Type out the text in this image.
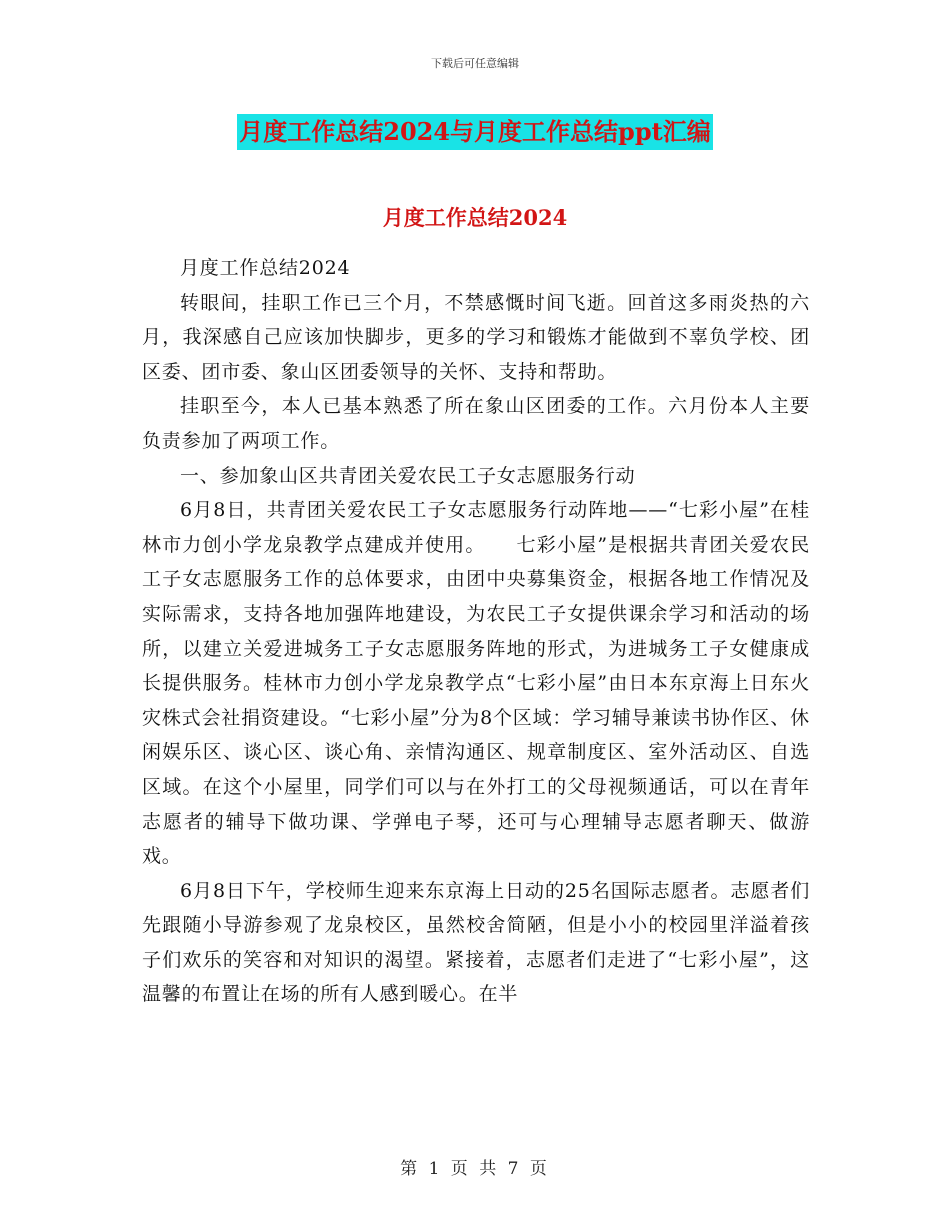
下载后可任意编辑
月度工作总结2024与月度工作总结ppt汇编
月度工作总结2024

月度工作总结2024

转眼间，挂职工作已三个月，不禁感慨时间飞逝。回首这多雨炎热的六月，我深感自己应该加快脚步，更多的学习和锻炼才能做到不辜负学校、团区委、团市委、象山区团委领导的关怀、支持和帮助。

挂职至今，本人已基本熟悉了所在象山区团委的工作。六月份本人主要负责参加了两项工作。

一、参加象山区共青团关爱农民工子女志愿服务行动

6月8日，共青团关爱农民工子女志愿服务行动阵地——“七彩小屋”在桂林市力创小学龙泉教学点建成并使用。　　七彩小屋”是根据共青团关爱农民工子女志愿服务工作的总体要求，由团中央募集资金，根据各地工作情况及实际需求，支持各地加强阵地建设，为农民工子女提供课余学习和活动的场所，以建立关爱进城务工子女志愿服务阵地的形式，为进城务工子女健康成长提供服务。桂林市力创小学龙泉教学点“七彩小屋”由日本东京海上日东火灾株式会社捐资建设。“七彩小屋”分为8个区域：学习辅导兼读书协作区、休闲娱乐区、谈心区、谈心角、亲情沟通区、规章制度区、室外活动区、自选区域。在这个小屋里，同学们可以与在外打工的父母视频通话，可以在青年志愿者的辅导下做功课、学弹电子琴，还可与心理辅导志愿者聊天、做游戏。

6月8日下午，学校师生迎来东京海上日动的25名国际志愿者。志愿者们先跟随小导游参观了龙泉校区，虽然校舍简陋，但是小小的校园里洋溢着孩子们欢乐的笑容和对知识的渴望。紧接着，志愿者们走进了“七彩小屋”，这温馨的布置让在场的所有人感到暖心。在半

第 1 页 共 7 页
